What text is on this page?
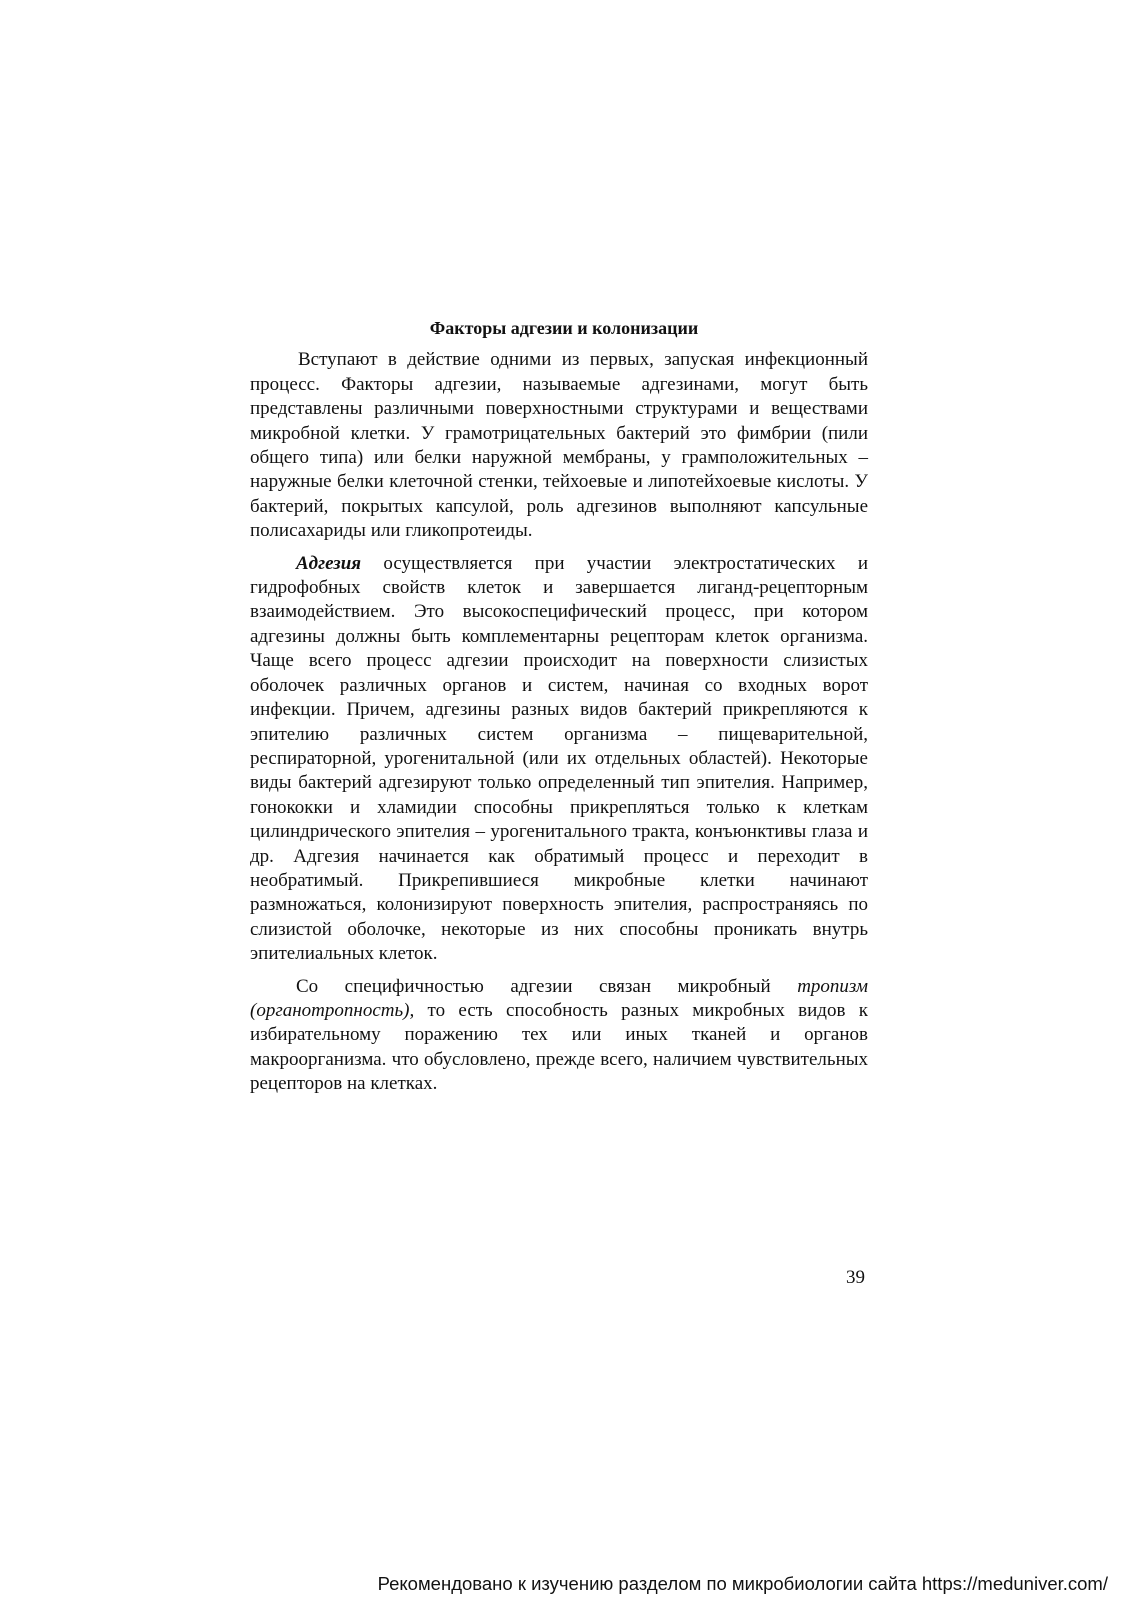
Факторы адгезии и колонизации

Вступают в действие одними из первых, запуская инфекционный процесс. Факторы адгезии, называемые адгезинами, могут быть представлены различными поверхностными структурами и веществами микробной клетки. У грамотрицательных бактерий это фимбрии (пили общего типа) или белки наружной мембраны, у грамположительных – наружные белки клеточной стенки, тейхоевые и липотейхоевые кислоты. У бактерий, покрытых капсулой, роль адгезинов выполняют капсульные полисахариды или гликопротеиды.

Адгезия осуществляется при участии электростатических и гидрофобных свойств клеток и завершается лиганд-рецепторным взаимодействием. Это высокоспецифический процесс, при котором адгезины должны быть комплементарны рецепторам клеток организма. Чаще всего процесс адгезии происходит на поверхности слизистых оболочек различных органов и систем, начиная со входных ворот инфекции. Причем, адгезины разных видов бактерий прикрепляются к эпителию различных систем организма – пищеварительной, респираторной, урогенитальной (или их отдельных областей). Некоторые виды бактерий адгезируют только определенный тип эпителия. Например, гонококки и хламидии способны прикрепляться только к клеткам цилиндрического эпителия – урогенитального тракта, конъюнктивы глаза и др. Адгезия начинается как обратимый процесс и переходит в необратимый. Прикрепившиеся микробные клетки начинают размножаться, колонизируют поверхность эпителия, распространяясь по слизистой оболочке, некоторые из них способны проникать внутрь эпителиальных клеток.

Со специфичностью адгезии связан микробный тропизм (органотропность), то есть способность разных микробных видов к избирательному поражению тех или иных тканей и органов макроорганизма. что обусловлено, прежде всего, наличием чувствительных рецепторов на клетках.

39
Рекомендовано к изучению разделом по микробиологии сайта https://meduniver.com/
